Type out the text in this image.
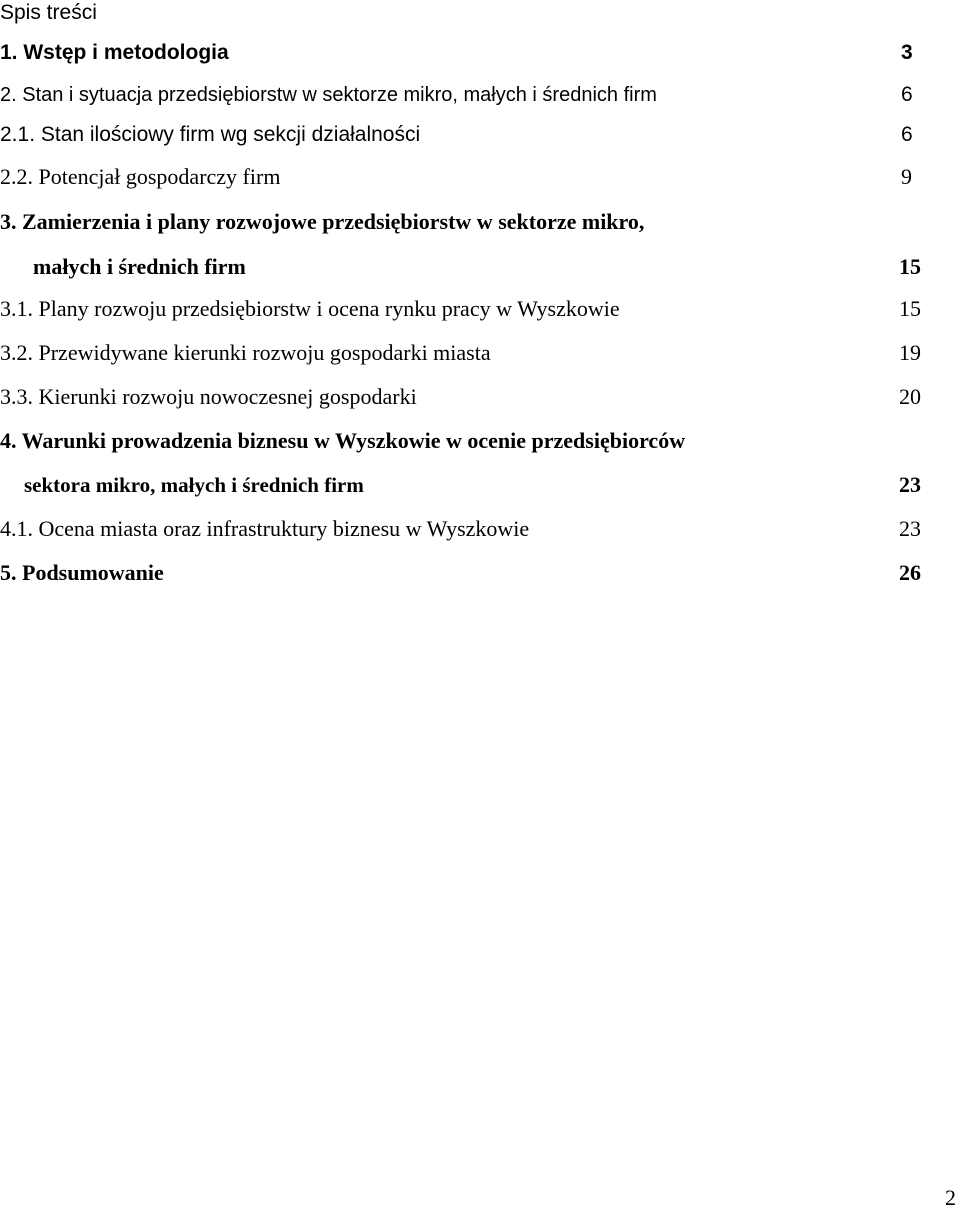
Spis treści
1. Wstęp i metodologia	3
2. Stan i sytuacja przedsiębiorstw w sektorze mikro, małych i średnich firm	6
2.1. Stan ilościowy firm wg sekcji działalności	6
2.2. Potencjał gospodarczy firm	9
3. Zamierzenia i plany rozwojowe przedsiębiorstw w sektorze mikro,
małych i średnich firm	15
3.1. Plany rozwoju przedsiębiorstw i ocena rynku pracy w Wyszkowie	15
3.2. Przewidywane kierunki rozwoju gospodarki miasta	19
3.3. Kierunki rozwoju nowoczesnej gospodarki	20
4. Warunki prowadzenia biznesu w Wyszkowie w ocenie przedsiębiorców
sektora mikro, małych i średnich firm	23
4.1. Ocena miasta oraz infrastruktury biznesu w Wyszkowie	23
5. Podsumowanie	26
2
